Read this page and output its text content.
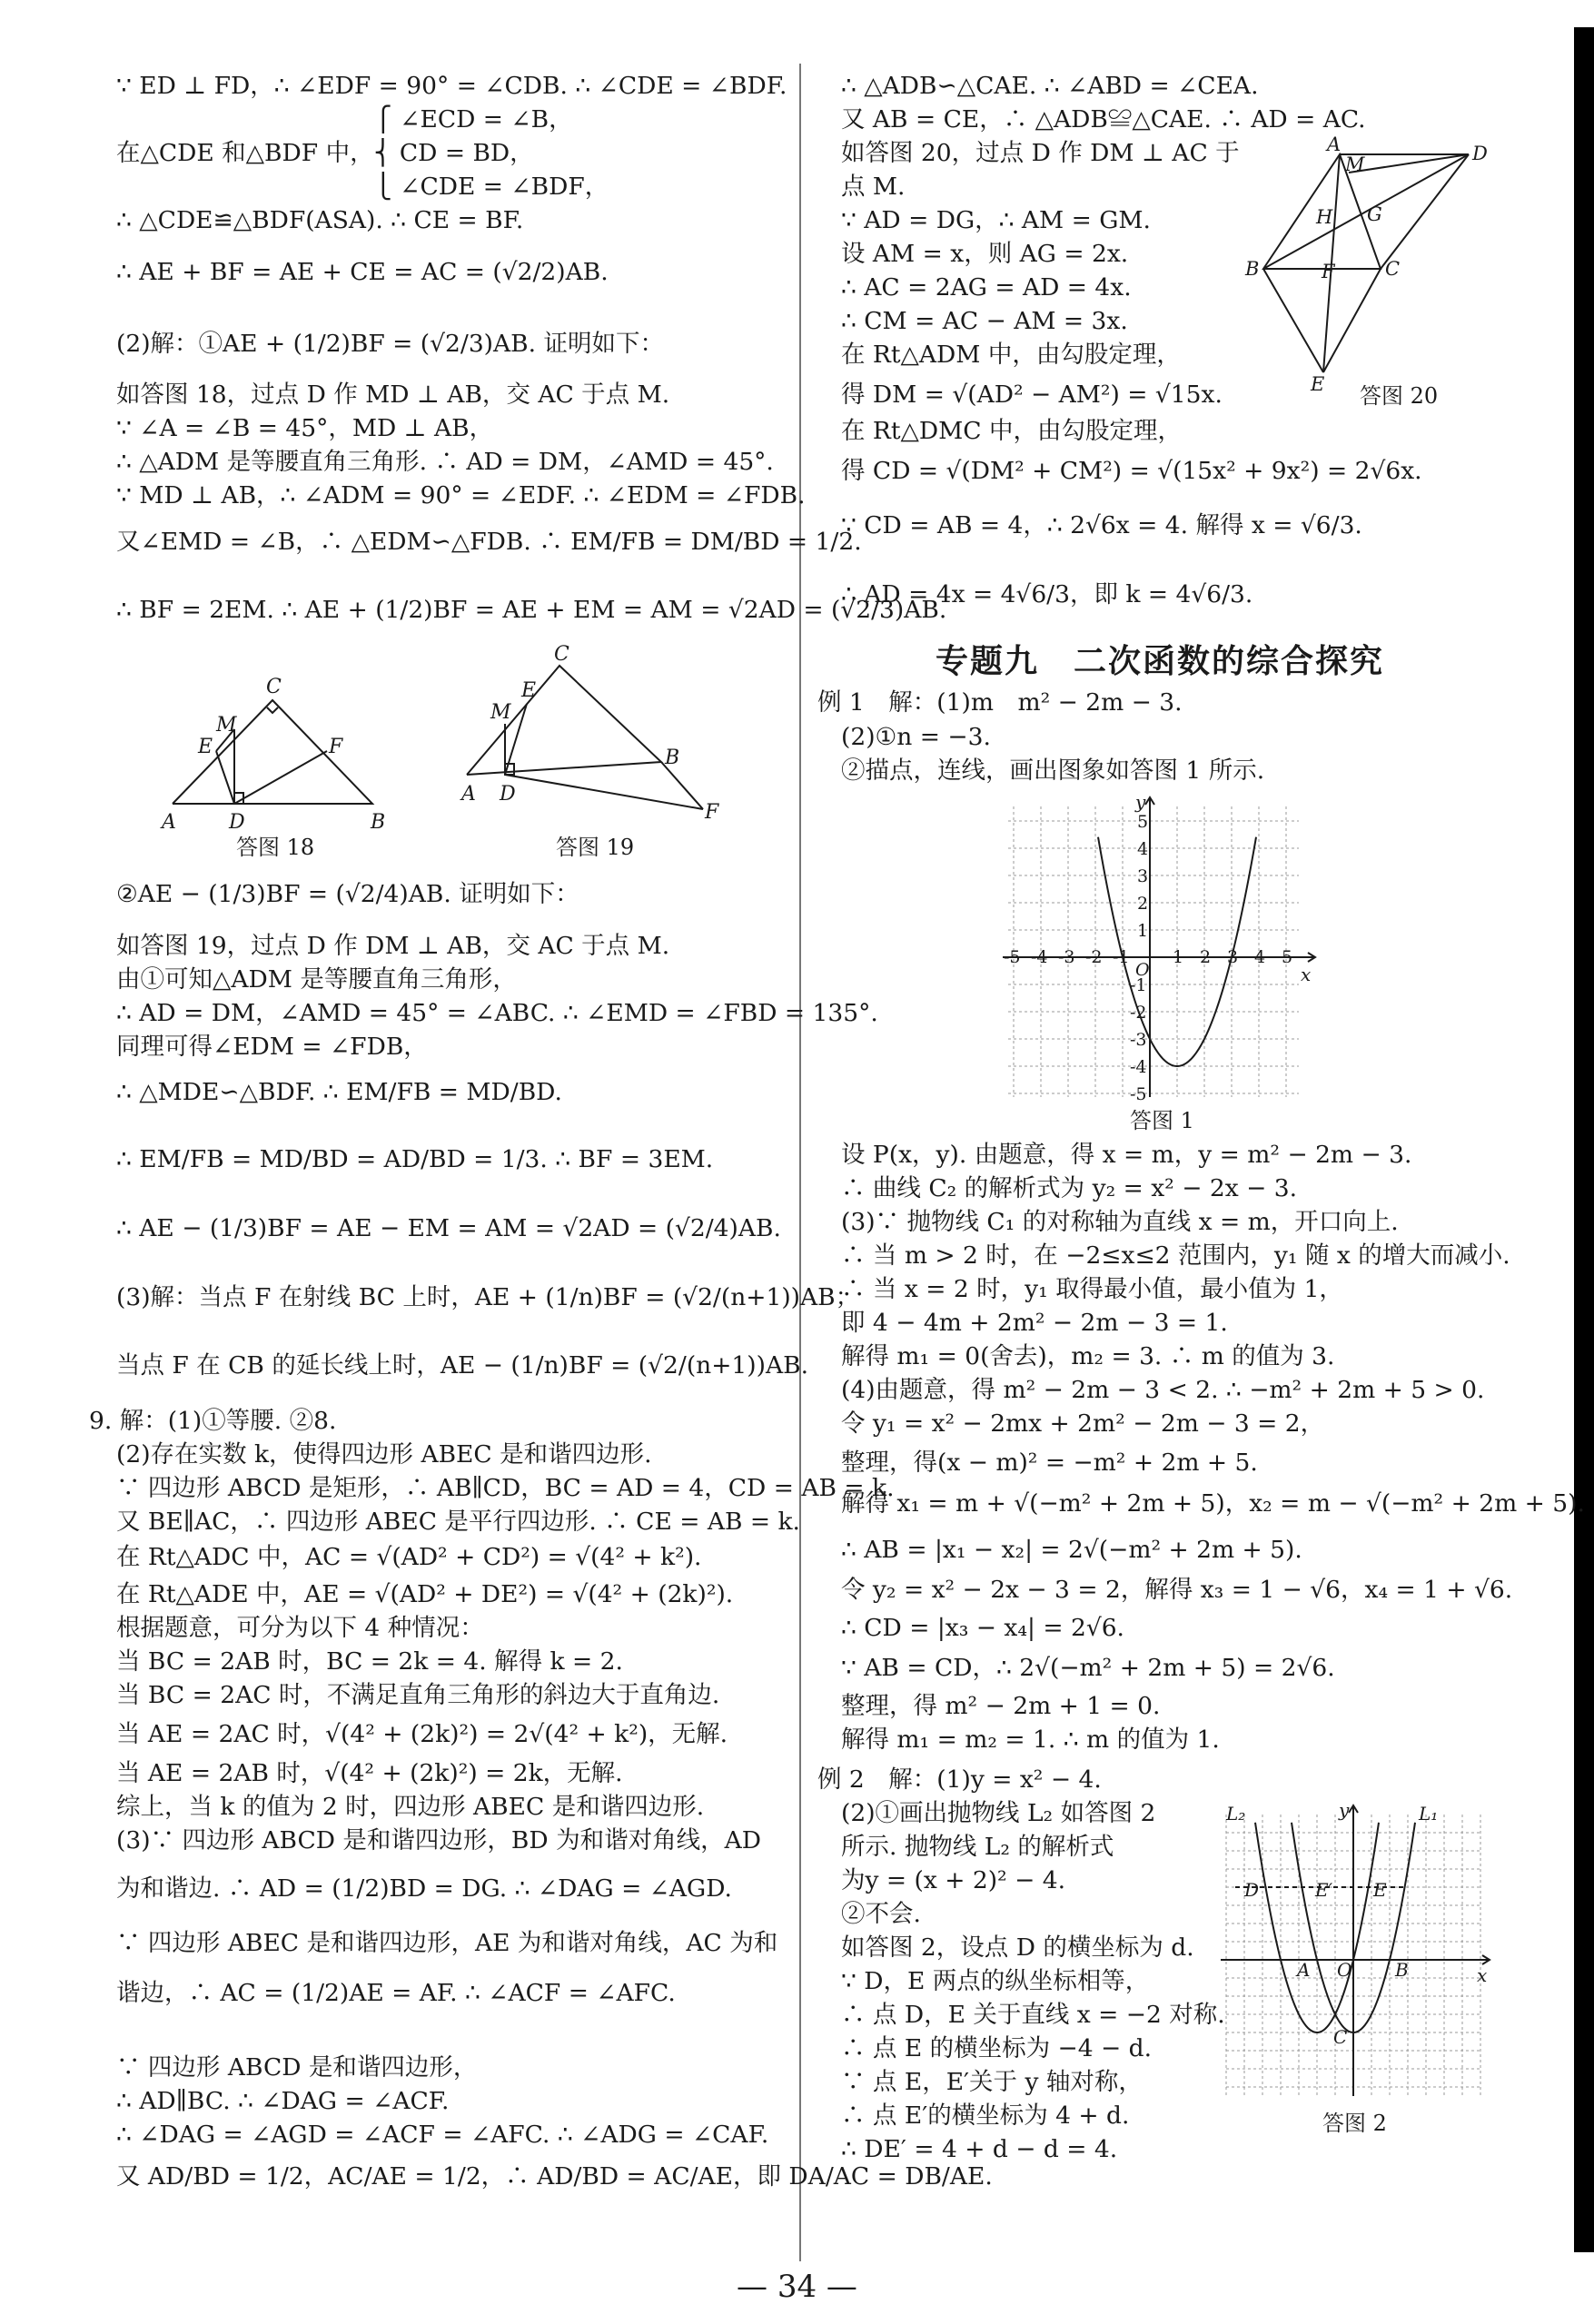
∵ ED ⊥ FD，∴ ∠EDF = 90° = ∠CDB. ∴ ∠CDE = ∠BDF.
⎧ ∠ECD = ∠B，
在△CDE 和△BDF 中，⎨ CD = BD，
⎩ ∠CDE = ∠BDF，
∴ △CDE≌△BDF(ASA). ∴ CE = BF.
∴ AE + BF = AE + CE = AC = (√2/2)AB.
(2)解：①AE + (1/2)BF = (√2/3)AB. 证明如下：
如答图 18，过点 D 作 MD ⊥ AB，交 AC 于点 M.
∵ ∠A = ∠B = 45°，MD ⊥ AB，
∴ △ADM 是等腰直角三角形. ∴ AD = DM，∠AMD = 45°.
∵ MD ⊥ AB，∴ ∠ADM = 90° = ∠EDF. ∴ ∠EDM = ∠FDB.
又∠EMD = ∠B，∴ △EDM∽△FDB. ∴ EM/FB = DM/BD = 1/2.
∴ BF = 2EM. ∴ AE + (1/2)BF = AE + EM = AM = √2AD = (√2/3)AB.
A	B
C
D
E	F
M
答图 18
A
B
C
D
E
F
M
答图 19
②AE − (1/3)BF = (√2/4)AB. 证明如下：
如答图 19，过点 D 作 DM ⊥ AB，交 AC 于点 M.
由①可知△ADM 是等腰直角三角形，
∴ AD = DM，∠AMD = 45° = ∠ABC. ∴ ∠EMD = ∠FBD = 135°.
同理可得∠EDM = ∠FDB，
∴ △MDE∽△BDF. ∴ EM/FB = MD/BD.
∴ EM/FB = MD/BD = AD/BD = 1/3. ∴ BF = 3EM.
∴ AE − (1/3)BF = AE − EM = AM = √2AD = (√2/4)AB.
(3)解：当点 F 在射线 BC 上时，AE + (1/n)BF = (√2/(n+1))AB；
当点 F 在 CB 的延长线上时，AE − (1/n)BF = (√2/(n+1))AB.
9. 解：(1)①等腰. ②8.
(2)存在实数 k，使得四边形 ABEC 是和谐四边形.
∵ 四边形 ABCD 是矩形，∴ AB∥CD，BC = AD = 4，CD = AB = k.
又 BE∥AC，∴ 四边形 ABEC 是平行四边形. ∴ CE = AB = k.
在 Rt△ADC 中，AC = √(AD² + CD²) = √(4² + k²).
在 Rt△ADE 中，AE = √(AD² + DE²) = √(4² + (2k)²).
根据题意，可分为以下 4 种情况：
当 BC = 2AB 时，BC = 2k = 4. 解得 k = 2.
当 BC = 2AC 时，不满足直角三角形的斜边大于直角边.
当 AE = 2AC 时，√(4² + (2k)²) = 2√(4² + k²)，无解.
当 AE = 2AB 时，√(4² + (2k)²) = 2k，无解.
综上，当 k 的值为 2 时，四边形 ABEC 是和谐四边形.
(3)∵ 四边形 ABCD 是和谐四边形，BD 为和谐对角线，AD
为和谐边. ∴ AD = (1/2)BD = DG. ∴ ∠DAG = ∠AGD.
∵ 四边形 ABEC 是和谐四边形，AE 为和谐对角线，AC 为和
谐边，∴ AC = (1/2)AE = AF. ∴ ∠ACF = ∠AFC.
∵ 四边形 ABCD 是和谐四边形，
∴ AD∥BC. ∴ ∠DAG = ∠ACF.
∴ ∠DAG = ∠AGD = ∠ACF = ∠AFC. ∴ ∠ADG = ∠CAF.
又 AD/BD = 1/2，AC/AE = 1/2，∴ AD/BD = AC/AE，即 DA/AC = DB/AE.
∴ △ADB∽△CAE. ∴ ∠ABD = ∠CEA.
又 AB = CE，∴ △ADB≌△CAE. ∴ AD = AC.
如答图 20，过点 D 作 DM ⊥ AC 于
点 M.
∵ AD = DG，∴ AM = GM.
设 AM = x，则 AG = 2x.
∴ AC = 2AG = AD = 4x.
∴ CM = AC − AM = 3x.
在 Rt△ADM 中，由勾股定理，
得 DM = √(AD² − AM²) = √15x.
在 Rt△DMC 中，由勾股定理，
得 CD = √(DM² + CM²) = √(15x² + 9x²) = 2√6x.
∵ CD = AB = 4，∴ 2√6x = 4. 解得 x = √6/3.
∴ AD = 4x = 4√6/3，即 k = 4√6/3.
A
B	C
D
E
F
G
H
M
答图 20
专题九　二次函数的综合探究
例 1　解：(1)m　m² − 2m − 3.
(2)①n = −3.
②描点，连线，画出图象如答图 1 所示.
-5 -4 -3 -2 -1 1 2 3 4 5
5
4
3
2
1
-1
-2
-3
-4
-5
O	x
y
答图 1
设 P(x，y). 由题意，得 x = m，y = m² − 2m − 3.
∴ 曲线 C₂ 的解析式为 y₂ = x² − 2x − 3.
(3)∵ 抛物线 C₁ 的对称轴为直线 x = m，开口向上.
∴ 当 m > 2 时，在 −2≤x≤2 范围内，y₁ 随 x 的增大而减小.
∴ 当 x = 2 时，y₁ 取得最小值，最小值为 1，
即 4 − 4m + 2m² − 2m − 3 = 1.
解得 m₁ = 0(舍去)，m₂ = 3. ∴ m 的值为 3.
(4)由题意，得 m² − 2m − 3 < 2. ∴ −m² + 2m + 5 > 0.
令 y₁ = x² − 2mx + 2m² − 2m − 3 = 2，
整理，得(x − m)² = −m² + 2m + 5.
解得 x₁ = m + √(−m² + 2m + 5)，x₂ = m − √(−m² + 2m + 5).
∴ AB = |x₁ − x₂| = 2√(−m² + 2m + 5).
令 y₂ = x² − 2x − 3 = 2，解得 x₃ = 1 − √6，x₄ = 1 + √6.
∴ CD = |x₃ − x₄| = 2√6.
∵ AB = CD，∴ 2√(−m² + 2m + 5) = 2√6.
整理，得 m² − 2m + 1 = 0.
解得 m₁ = m₂ = 1. ∴ m 的值为 1.
例 2　解：(1)y = x² − 4.
(2)①画出抛物线 L₂ 如答图 2
所示. 抛物线 L₂ 的解析式
为y = (x + 2)² − 4.
②不会.
如答图 2，设点 D 的横坐标为 d.
∵ D，E 两点的纵坐标相等，
∴ 点 D，E 关于直线 x = −2 对称.
∴ 点 E 的横坐标为 −4 − d.
∵ 点 E，E′关于 y 轴对称，
∴ 点 E′的横坐标为 4 + d.
∴ DE′ = 4 + d − d = 4.
L₂	L₁
D	E′ E
A	B
C
O	x
y
答图 2
— 34 —
